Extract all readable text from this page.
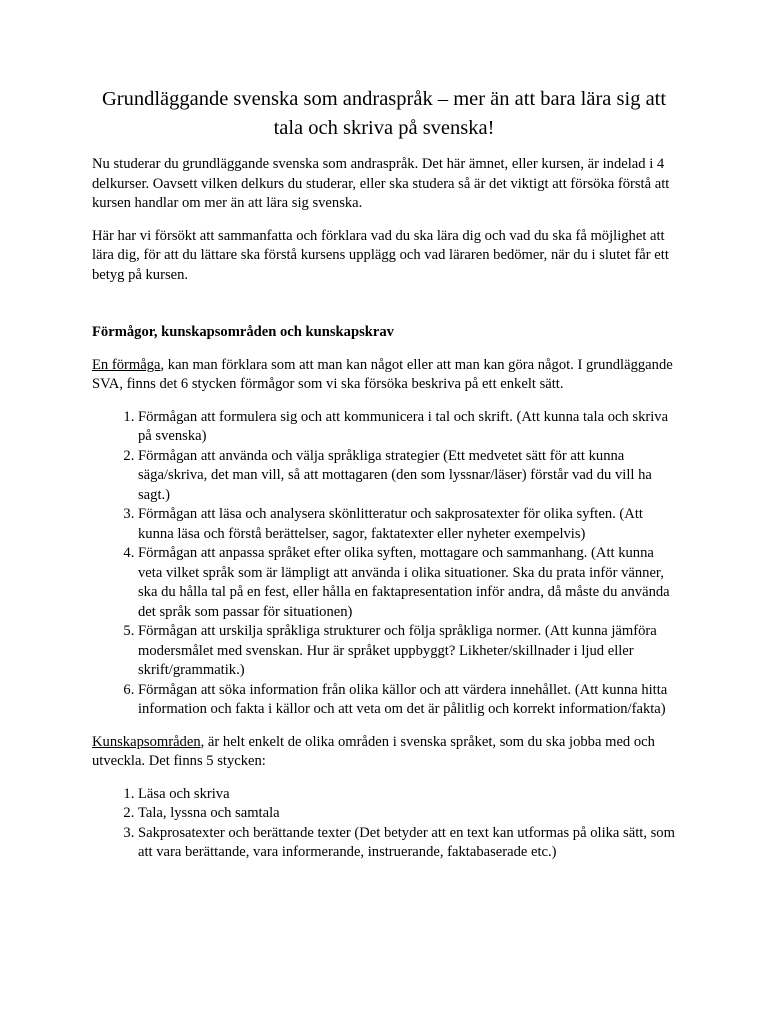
Grundläggande svenska som andraspråk – mer än att bara lära sig att tala och skriva på svenska!

Nu studerar du grundläggande svenska som andraspråk. Det här ämnet, eller kursen, är indelad i 4 delkurser. Oavsett vilken delkurs du studerar, eller ska studera så är det viktigt att försöka förstå att kursen handlar om mer än att lära sig svenska.

Här har vi försökt att sammanfatta och förklara vad du ska lära dig och vad du ska få möjlighet att lära dig, för att du lättare ska förstå kursens upplägg och vad läraren bedömer, när du i slutet får ett betyg på kursen.

Förmågor, kunskapsområden och kunskapskrav

En förmåga, kan man förklara som att man kan något eller att man kan göra något. I grundläggande SVA, finns det 6 stycken förmågor som vi ska försöka beskriva på ett enkelt sätt.

1. Förmågan att formulera sig och att kommunicera i tal och skrift. (Att kunna tala och skriva på svenska)
2. Förmågan att använda och välja språkliga strategier (Ett medvetet sätt för att kunna säga/skriva, det man vill, så att mottagaren (den som lyssnar/läser) förstår vad du vill ha sagt.)
3. Förmågan att läsa och analysera skönlitteratur och sakprosatexter för olika syften. (Att kunna läsa och förstå berättelser, sagor, faktatexter eller nyheter exempelvis)
4. Förmågan att anpassa språket efter olika syften, mottagare och sammanhang. (Att kunna veta vilket språk som är lämpligt att använda i olika situationer. Ska du prata inför vänner, ska du hålla tal på en fest, eller hålla en faktapresentation inför andra, då måste du använda det språk som passar för situationen)
5. Förmågan att urskilja språkliga strukturer och följa språkliga normer. (Att kunna jämföra modersmålet med svenskan. Hur är språket uppbyggt? Likheter/skillnader i ljud eller skrift/grammatik.)
6. Förmågan att söka information från olika källor och att värdera innehållet. (Att kunna hitta information och fakta i källor och att veta om det är pålitlig och korrekt information/fakta)

Kunskapsområden, är helt enkelt de olika områden i svenska språket, som du ska jobba med och utveckla. Det finns 5 stycken:

1. Läsa och skriva
2. Tala, lyssna och samtala
3. Sakprosatexter och berättande texter (Det betyder att en text kan utformas på olika sätt, som att vara berättande, vara informerande, instruerande, faktabaserade etc.)
